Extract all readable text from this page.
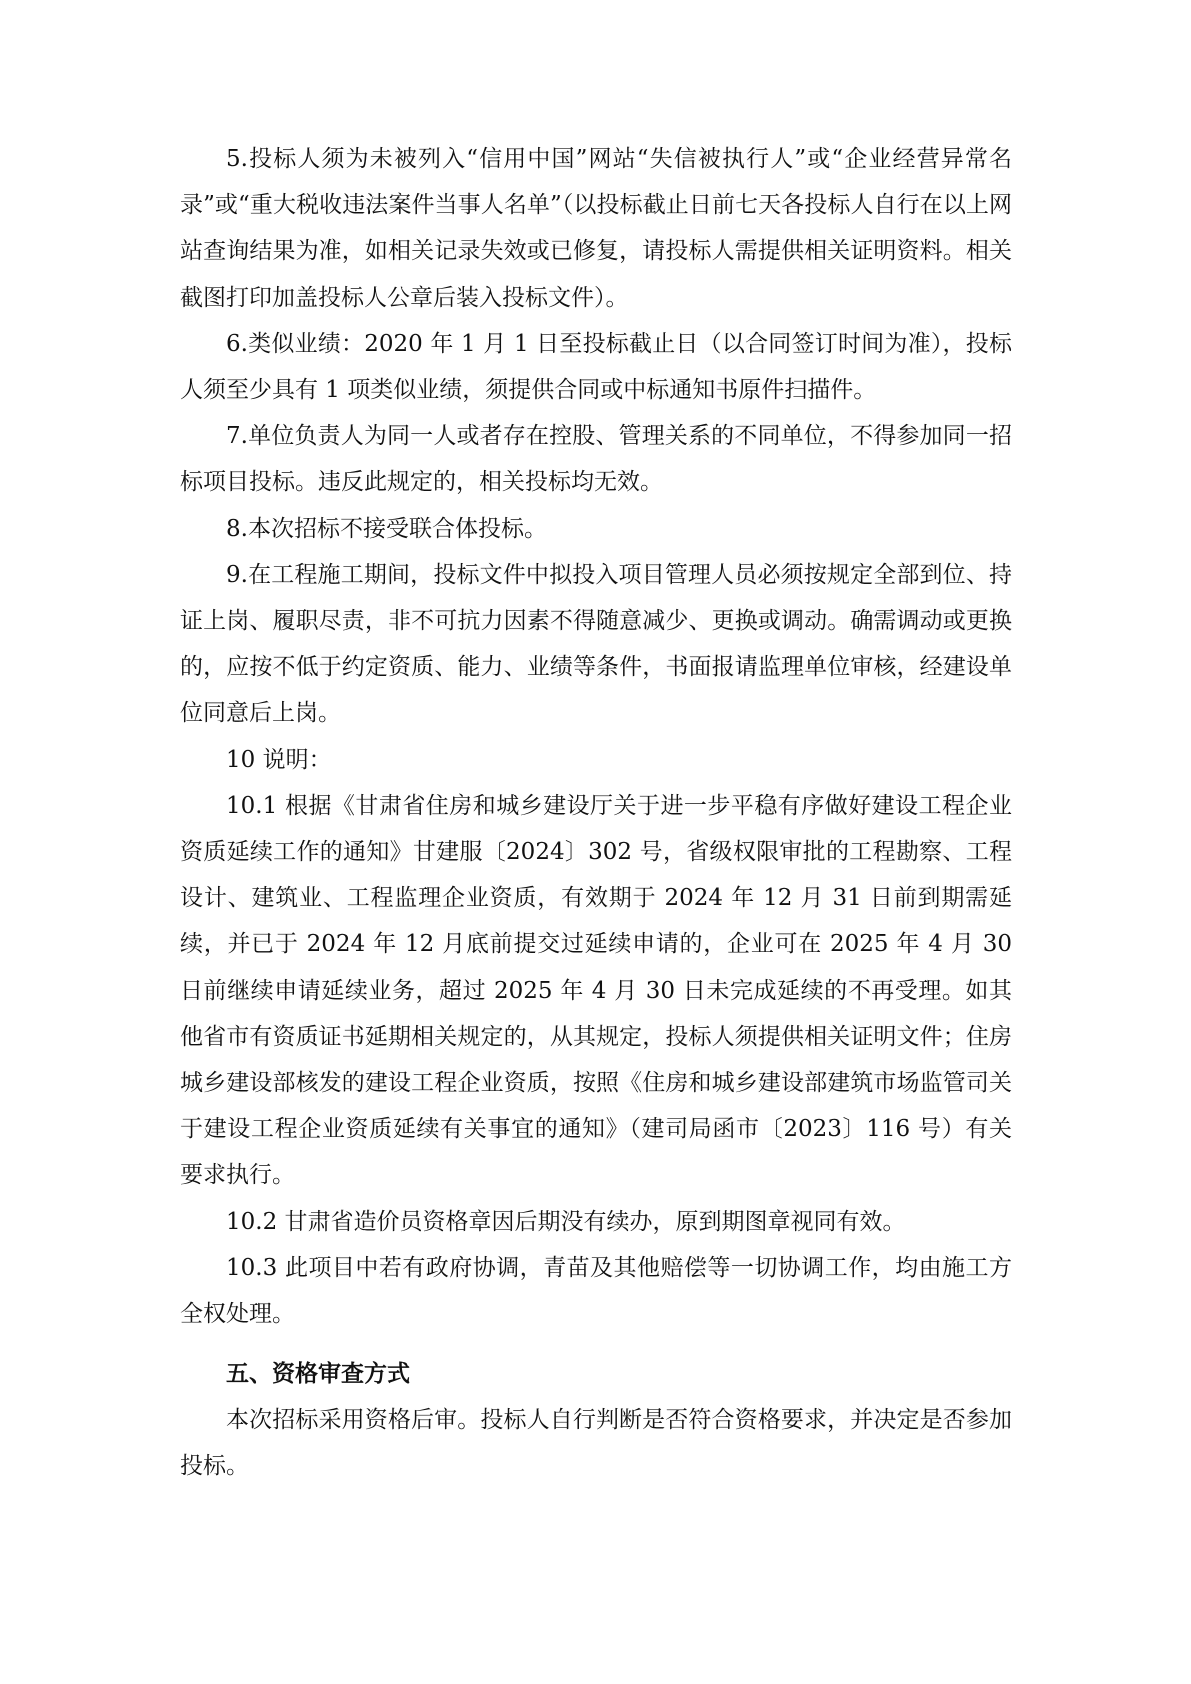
5.投标人须为未被列入“信用中国”网站“失信被执行人”或“企业经营异常名录”或“重大税收违法案件当事人名单”（以投标截止日前七天各投标人自行在以上网站查询结果为准，如相关记录失效或已修复，请投标人需提供相关证明资料。相关截图打印加盖投标人公章后装入投标文件）。

6.类似业绩：2020 年 1 月 1 日至投标截止日（以合同签订时间为准），投标人须至少具有 1 项类似业绩，须提供合同或中标通知书原件扫描件。

7.单位负责人为同一人或者存在控股、管理关系的不同单位，不得参加同一招标项目投标。违反此规定的，相关投标均无效。

8.本次招标不接受联合体投标。

9.在工程施工期间，投标文件中拟投入项目管理人员必须按规定全部到位、持证上岗、履职尽责，非不可抗力因素不得随意减少、更换或调动。确需调动或更换的，应按不低于约定资质、能力、业绩等条件，书面报请监理单位审核，经建设单位同意后上岗。

10 说明：

10.1 根据《甘肃省住房和城乡建设厅关于进一步平稳有序做好建设工程企业资质延续工作的通知》甘建服〔2024〕302 号，省级权限审批的工程勘察、工程设计、建筑业、工程监理企业资质，有效期于 2024 年 12 月 31 日前到期需延续，并已于 2024 年 12 月底前提交过延续申请的，企业可在 2025 年 4 月 30 日前继续申请延续业务，超过 2025 年 4 月 30 日未完成延续的不再受理。如其他省市有资质证书延期相关规定的，从其规定，投标人须提供相关证明文件；住房城乡建设部核发的建设工程企业资质，按照《住房和城乡建设部建筑市场监管司关于建设工程企业资质延续有关事宜的通知》（建司局函市〔2023〕116 号）有关要求执行。

10.2 甘肃省造价员资格章因后期没有续办，原到期图章视同有效。

10.3 此项目中若有政府协调，青苗及其他赔偿等一切协调工作，均由施工方全权处理。

五、资格审查方式

本次招标采用资格后审。投标人自行判断是否符合资格要求，并决定是否参加投标。
